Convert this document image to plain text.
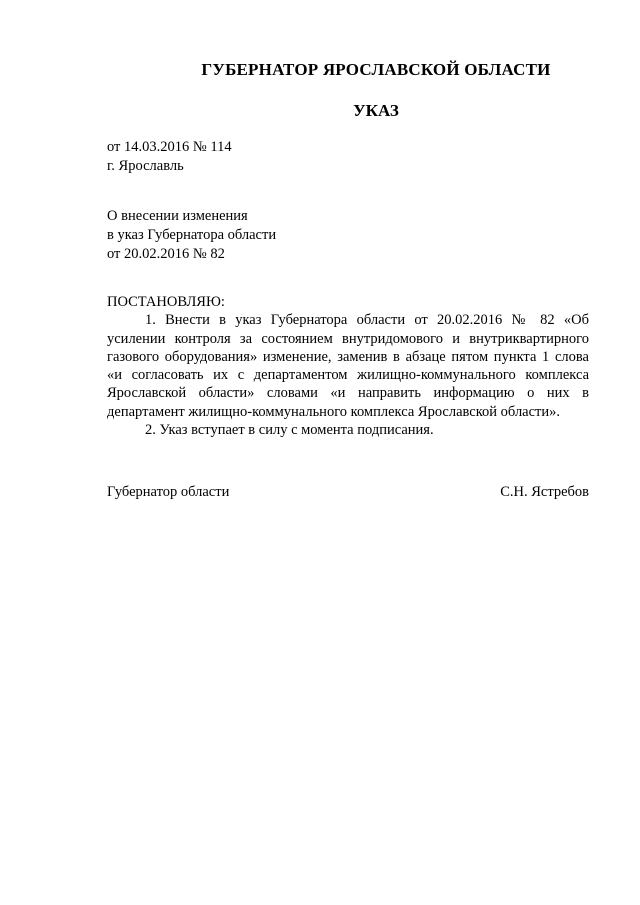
ГУБЕРНАТОР ЯРОСЛАВСКОЙ ОБЛАСТИ
УКАЗ
от 14.03.2016 № 114
г. Ярославль
О внесении изменения
в указ Губернатора области
от 20.02.2016 № 82

ПОСТАНОВЛЯЮ:

1. Внести в указ Губернатора области от 20.02.2016 № 82 «Об усилении контроля за состоянием внутридомового и внутриквартирного газового оборудования» изменение, заменив в абзаце пятом пункта 1 слова «и согласовать их с департаментом жилищно-коммунального комплекса Ярославской области» словами «и направить информацию о них в департамент жилищно-коммунального комплекса Ярославской области».

2. Указ вступает в силу с момента подписания.

Губернатор области	С.Н. Ястребов
